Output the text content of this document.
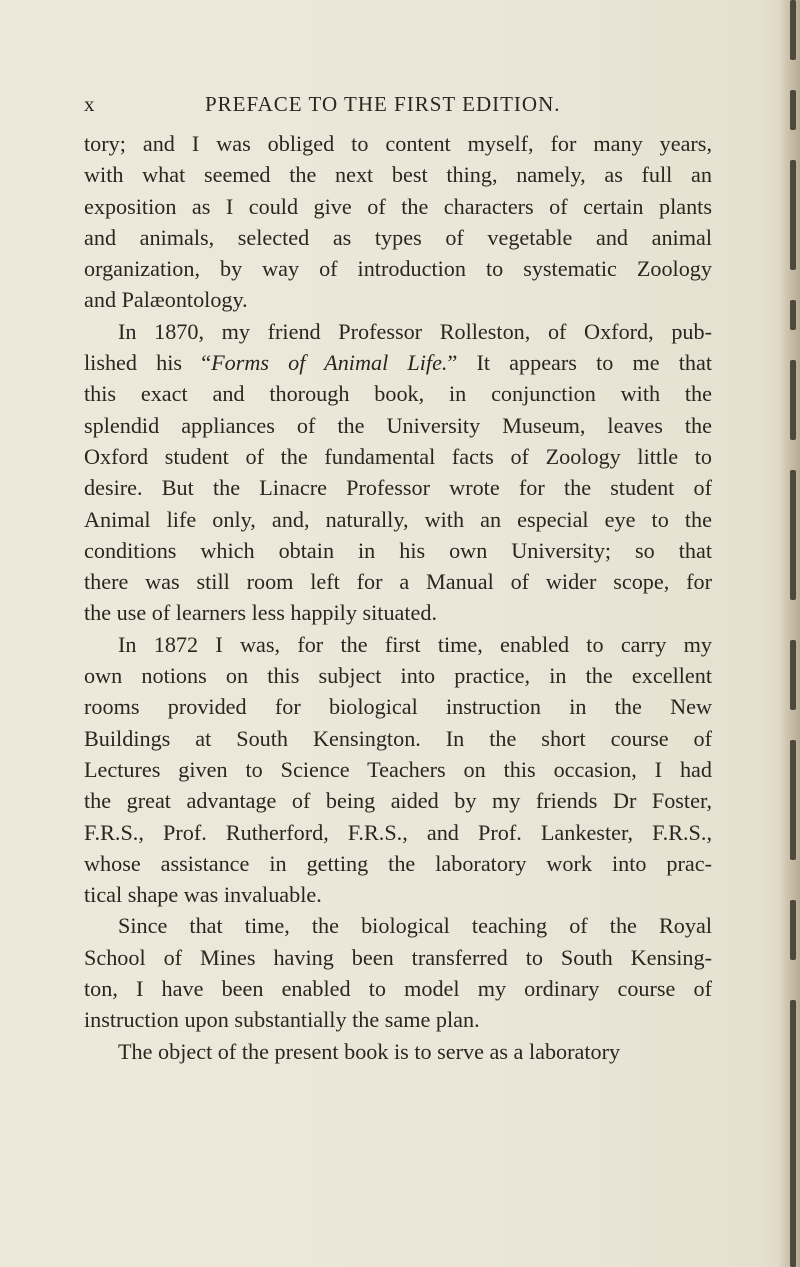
x	PREFACE TO THE FIRST EDITION.
tory; and I was obliged to content myself, for many years,
with what seemed the next best thing, namely, as full an
exposition as I could give of the characters of certain plants
and animals, selected as types of vegetable and animal
organization, by way of introduction to systematic Zoology
and Palæontology.
In 1870, my friend Professor Rolleston, of Oxford, pub-
lished his “Forms of Animal Life.” It appears to me that
this exact and thorough book, in conjunction with the
splendid appliances of the University Museum, leaves the
Oxford student of the fundamental facts of Zoology little to
desire. But the Linacre Professor wrote for the student of
Animal life only, and, naturally, with an especial eye to the
conditions which obtain in his own University; so that
there was still room left for a Manual of wider scope, for
the use of learners less happily situated.
In 1872 I was, for the first time, enabled to carry my
own notions on this subject into practice, in the excellent
rooms provided for biological instruction in the New
Buildings at South Kensington. In the short course of
Lectures given to Science Teachers on this occasion, I had
the great advantage of being aided by my friends Dr Foster,
F.R.S., Prof. Rutherford, F.R.S., and Prof. Lankester, F.R.S.,
whose assistance in getting the laboratory work into prac-
tical shape was invaluable.
Since that time, the biological teaching of the Royal
School of Mines having been transferred to South Kensing-
ton, I have been enabled to model my ordinary course of
instruction upon substantially the same plan.
The object of the present book is to serve as a laboratory
